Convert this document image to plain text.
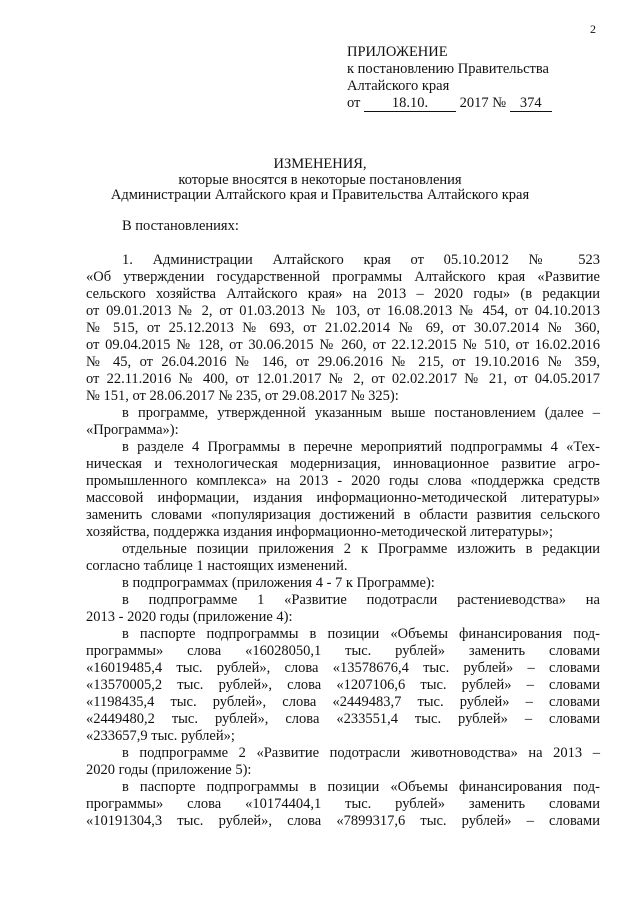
2
ПРИЛОЖЕНИЕ
к постановлению Правительства
Алтайского края
от 18.10. 2017 № 374
ИЗМЕНЕНИЯ,
которые вносятся в некоторые постановления
Администрации Алтайского края и Правительства Алтайского края
В постановлениях:
1. Администрации Алтайского края от 05.10.2012 № 523
«Об утверждении государственной программы Алтайского края «Развитие
сельского хозяйства Алтайского края» на 2013 – 2020 годы» (в редакции
от 09.01.2013 № 2, от 01.03.2013 № 103, от 16.08.2013 № 454, от 04.10.2013
№ 515, от 25.12.2013 № 693, от 21.02.2014 № 69, от 30.07.2014 № 360,
от 09.04.2015 № 128, от 30.06.2015 № 260, от 22.12.2015 № 510, от 16.02.2016
№ 45, от 26.04.2016 № 146, от 29.06.2016 № 215, от 19.10.2016 № 359,
от 22.11.2016 № 400, от 12.01.2017 № 2, от 02.02.2017 № 21, от 04.05.2017
№ 151, от 28.06.2017 № 235, от 29.08.2017 № 325):
в программе, утвержденной указанным выше постановлением (далее –
«Программа»):
в разделе 4 Программы в перечне мероприятий подпрограммы 4 «Тех-
ническая и технологическая модернизация, инновационное развитие агро-
промышленного комплекса» на 2013 - 2020 годы слова «поддержка средств
массовой информации, издания информационно-методической литературы»
заменить словами «популяризация достижений в области развития сельского
хозяйства, поддержка издания информационно-методической литературы»;
отдельные позиции приложения 2 к Программе изложить в редакции
согласно таблице 1 настоящих изменений.
в подпрограммах (приложения 4 - 7 к Программе):
в подпрограмме 1 «Развитие подотрасли растениеводства» на
2013 - 2020 годы (приложение 4):
в паспорте подпрограммы в позиции «Объемы финансирования под-
программы» слова «16028050,1 тыс. рублей» заменить словами
«16019485,4 тыс. рублей», слова «13578676,4 тыс. рублей» – словами
«13570005,2 тыс. рублей», слова «1207106,6 тыс. рублей» – словами
«1198435,4 тыс. рублей», слова «2449483,7 тыс. рублей» – словами
«2449480,2 тыс. рублей», слова «233551,4 тыс. рублей» – словами
«233657,9 тыс. рублей»;
в подпрограмме 2 «Развитие подотрасли животноводства» на 2013 –
2020 годы (приложение 5):
в паспорте подпрограммы в позиции «Объемы финансирования под-
программы» слова «10174404,1 тыс. рублей» заменить словами
«10191304,3 тыс. рублей», слова «7899317,6 тыс. рублей» – словами
